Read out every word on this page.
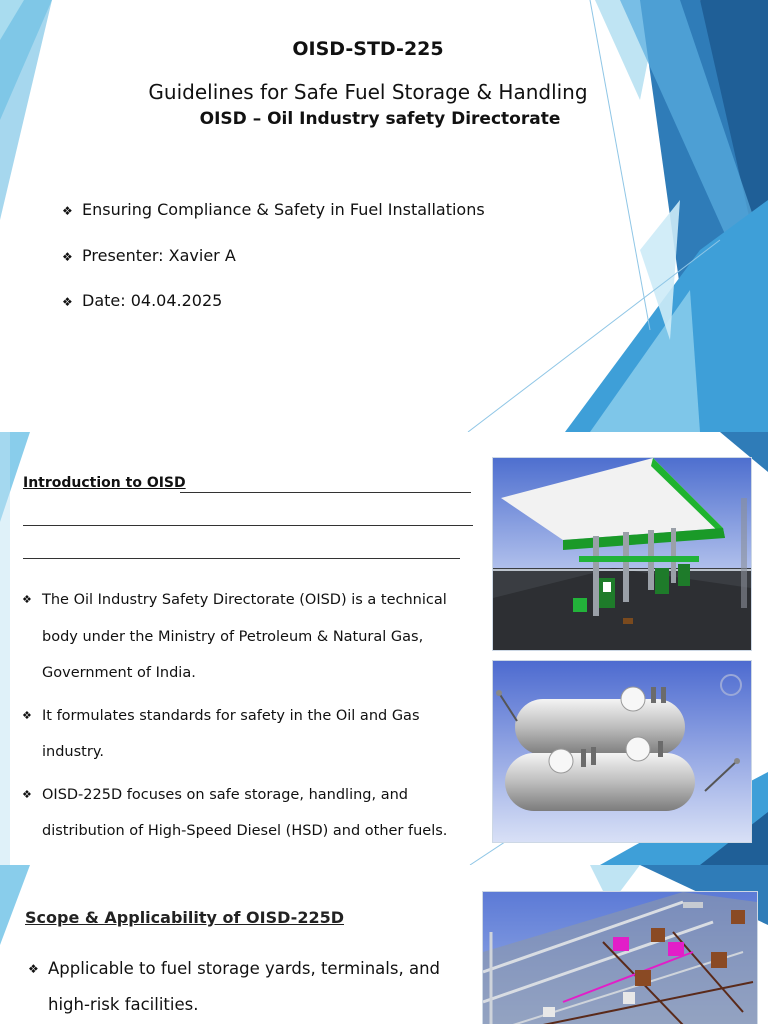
OISD-STD-225
Guidelines for Safe Fuel Storage & Handling
OISD – Oil Industry safety Directorate
❖ Ensuring Compliance & Safety in Fuel Installations
❖ Presenter: Xavier A
❖ Date: 04.04.2025
Introduction to OISD
❖ The Oil Industry Safety Directorate (OISD) is a technical body under the Ministry of Petroleum & Natural Gas, Government of India.
❖ It formulates standards for safety in the Oil and Gas industry.
❖ OISD-225D focuses on safe storage, handling, and distribution of High-Speed Diesel (HSD) and other fuels.
Scope & Applicability of OISD-225D
❖ Applicable to fuel storage yards, terminals, and high-risk facilities.
